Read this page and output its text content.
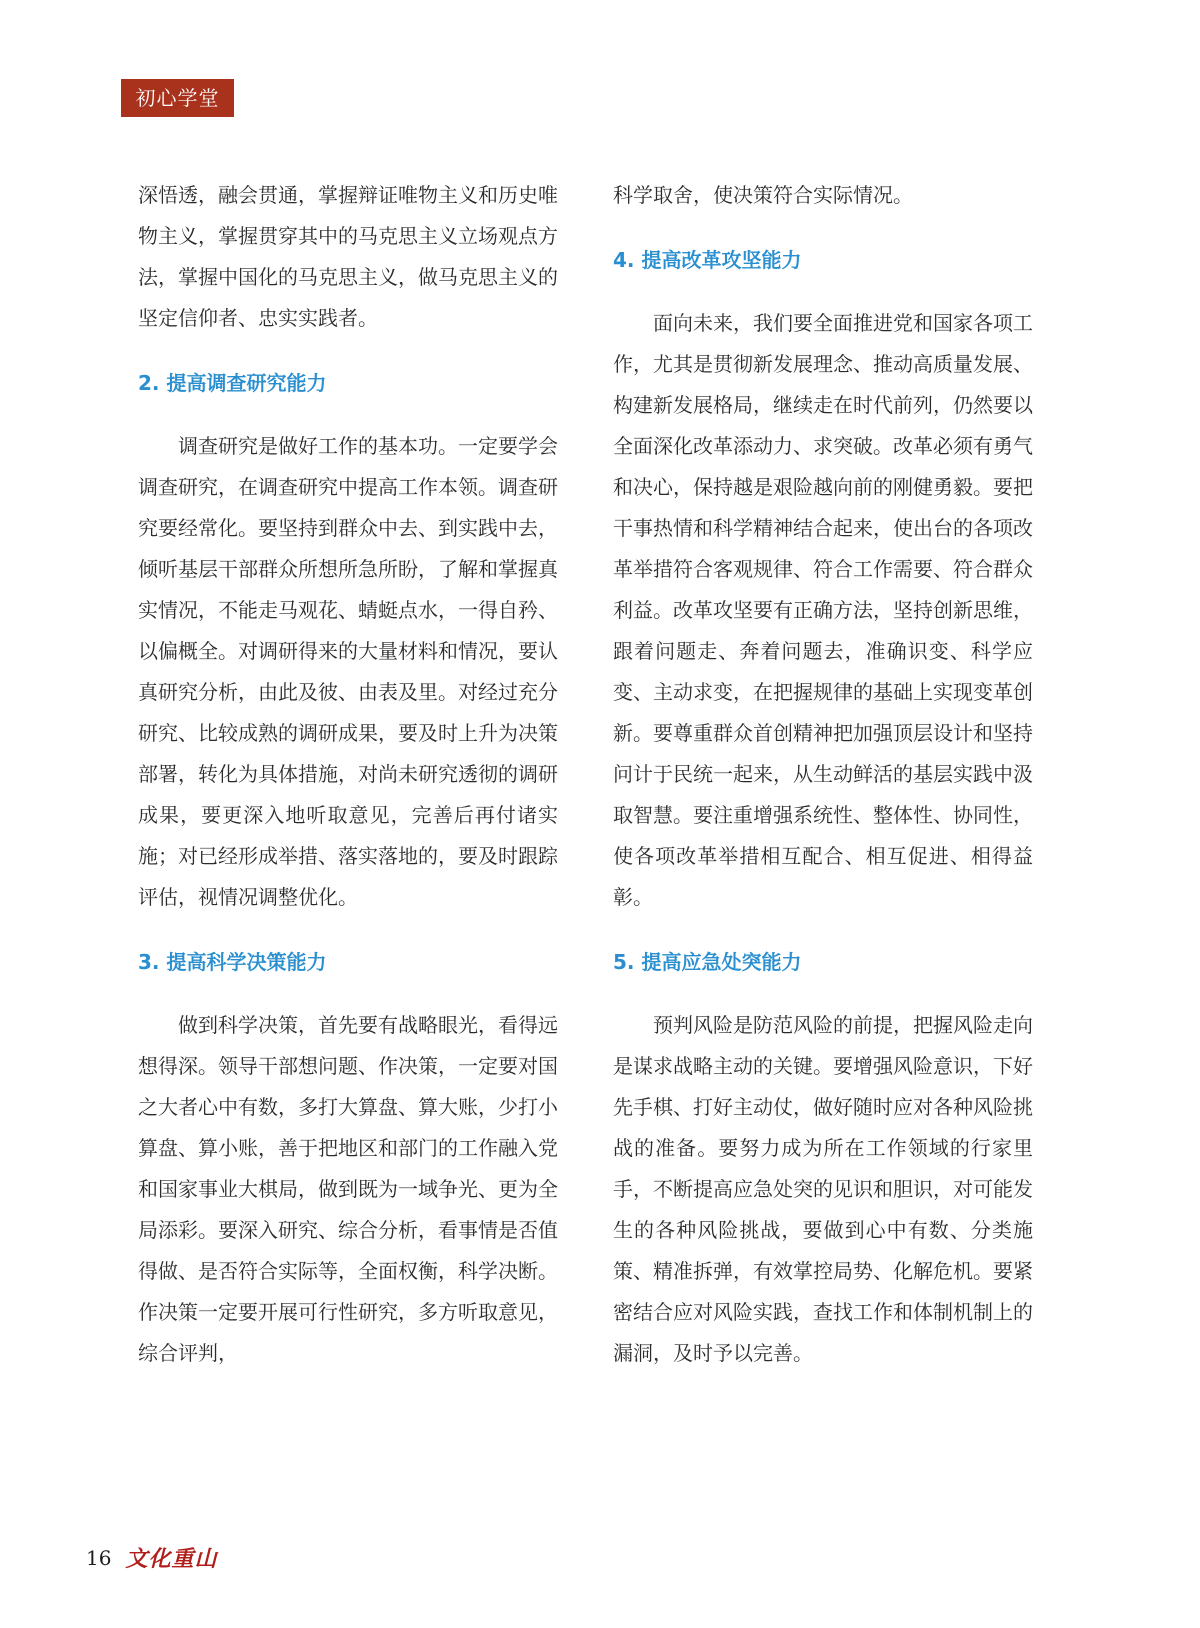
初心学堂

深悟透，融会贯通，掌握辩证唯物主义和历史唯物主义，掌握贯穿其中的马克思主义立场观点方法，掌握中国化的马克思主义，做马克思主义的坚定信仰者、忠实实践者。

2. 提高调查研究能力

调查研究是做好工作的基本功。一定要学会调查研究，在调查研究中提高工作本领。调查研究要经常化。要坚持到群众中去、到实践中去，倾听基层干部群众所想所急所盼，了解和掌握真实情况，不能走马观花、蜻蜓点水，一得自矜、以偏概全。对调研得来的大量材料和情况，要认真研究分析，由此及彼、由表及里。对经过充分研究、比较成熟的调研成果，要及时上升为决策部署，转化为具体措施，对尚未研究透彻的调研成果，要更深入地听取意见，完善后再付诸实施；对已经形成举措、落实落地的，要及时跟踪评估，视情况调整优化。

3. 提高科学决策能力

做到科学决策，首先要有战略眼光，看得远想得深。领导干部想问题、作决策，一定要对国之大者心中有数，多打大算盘、算大账，少打小算盘、算小账，善于把地区和部门的工作融入党和国家事业大棋局，做到既为一域争光、更为全局添彩。要深入研究、综合分析，看事情是否值得做、是否符合实际等，全面权衡，科学决断。作决策一定要开展可行性研究，多方听取意见，综合评判，

科学取舍，使决策符合实际情况。

4. 提高改革攻坚能力

面向未来，我们要全面推进党和国家各项工作，尤其是贯彻新发展理念、推动高质量发展、构建新发展格局，继续走在时代前列，仍然要以全面深化改革添动力、求突破。改革必须有勇气和决心，保持越是艰险越向前的刚健勇毅。要把干事热情和科学精神结合起来，使出台的各项改革举措符合客观规律、符合工作需要、符合群众利益。改革攻坚要有正确方法，坚持创新思维，跟着问题走、奔着问题去，准确识变、科学应变、主动求变，在把握规律的基础上实现变革创新。要尊重群众首创精神把加强顶层设计和坚持问计于民统一起来，从生动鲜活的基层实践中汲取智慧。要注重增强系统性、整体性、协同性，使各项改革举措相互配合、相互促进、相得益彰。

5. 提高应急处突能力

预判风险是防范风险的前提，把握风险走向是谋求战略主动的关键。要增强风险意识，下好先手棋、打好主动仗，做好随时应对各种风险挑战的准备。要努力成为所在工作领域的行家里手，不断提高应急处突的见识和胆识，对可能发生的各种风险挑战，要做到心中有数、分类施策、精准拆弹，有效掌控局势、化解危机。要紧密结合应对风险实践，查找工作和体制机制上的漏洞，及时予以完善。

16 文化重山
